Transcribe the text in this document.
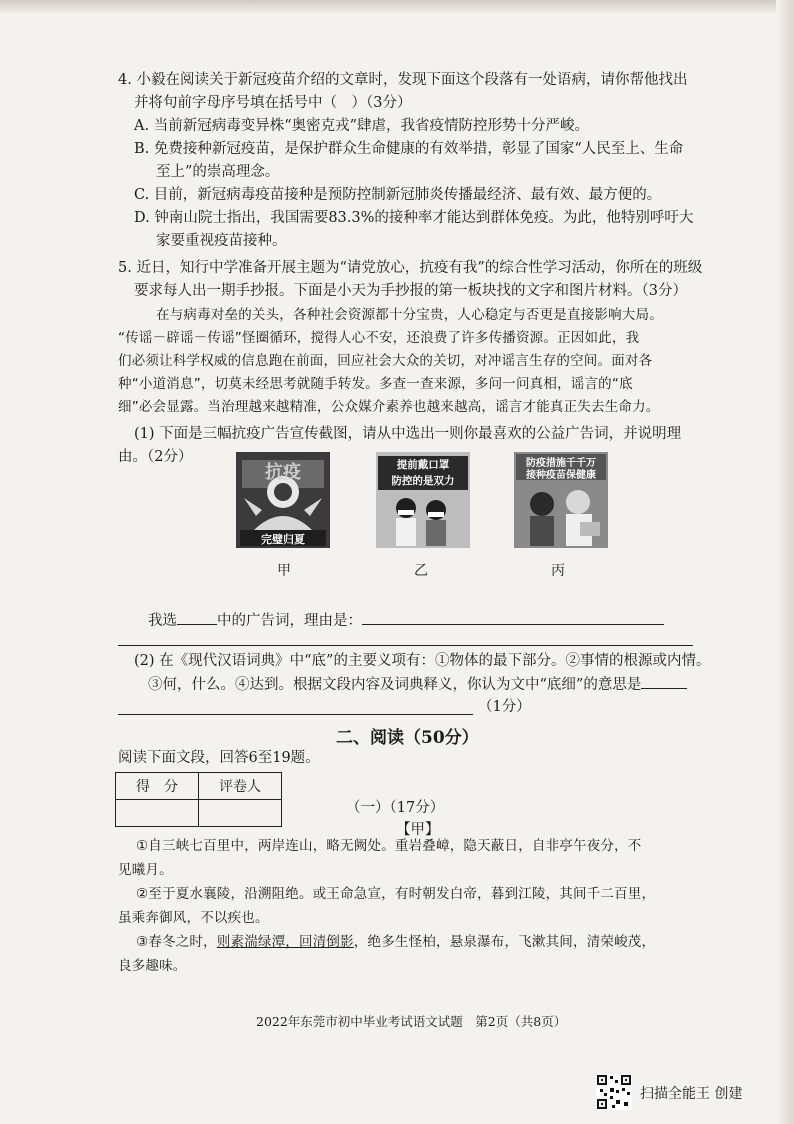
4. 小毅在阅读关于新冠疫苗介绍的文章时，发现下面这个段落有一处语病，请你帮他找出
并将句前字母序号填在括号中（　）（3分）
A. 当前新冠病毒变异株“奥密克戎”肆虐，我省疫情防控形势十分严峻。
B. 免费接种新冠疫苗，是保护群众生命健康的有效举措，彰显了国家“人民至上、生命
至上”的崇高理念。
C. 目前，新冠病毒疫苗接种是预防控制新冠肺炎传播最经济、最有效、最方便的。
D. 钟南山院士指出，我国需要83.3%的接种率才能达到群体免疫。为此，他特别呼吁大
家要重视疫苗接种。
5. 近日，知行中学准备开展主题为“请党放心，抗疫有我”的综合性学习活动，你所在的班级
要求每人出一期手抄报。下面是小天为手抄报的第一板块找的文字和图片材料。（3分）
在与病毒对垒的关头，各种社会资源都十分宝贵，人心稳定与否更是直接影响大局。
“传谣－辟谣－传谣”怪圈循环，搅得人心不安，还浪费了许多传播资源。正因如此，我
们必须让科学权威的信息跑在前面，回应社会大众的关切，对冲谣言生存的空间。面对各
种“小道消息”，切莫未经思考就随手转发。多查一查来源，多问一问真相，谣言的“底
细”必会显露。当治理越来越精准，公众媒介素养也越来越高，谣言才能真正失去生命力。
(1) 下面是三幅抗疫广告宣传截图，请从中选出一则你最喜欢的公益广告词，并说明理
由。（2分）
抗疫
完璧归夏
提前戴口罩
防控的是双力
防疫措施千千万
接种疫苗保健康
甲	乙	丙
我选	中的广告词，理由是：
(2) 在《现代汉语词典》中“底”的主要义项有：①物体的最下部分。②事情的根源或内情。
③何，什么。④达到。根据文段内容及词典释义，你认为文中“底细”的意思是
（1分）
二、阅读（50分）
阅读下面文段，回答6至19题。
得　分	评卷人

（一）（17分）
【甲】
①自三峡七百里中，两岸连山，略无阙处。重岩叠嶂，隐天蔽日，自非亭午夜分，不
见曦月。
②至于夏水襄陵，沿溯阻绝。或王命急宣，有时朝发白帝，暮到江陵，其间千二百里，
虽乘奔御风，不以疾也。
③春冬之时，则素湍绿潭，回清倒影，绝多生怪柏，悬泉瀑布，飞漱其间，清荣峻茂，
良多趣味。
2022年东莞市初中毕业考试语文试题　第2页（共8页）
扫描全能王 创建
